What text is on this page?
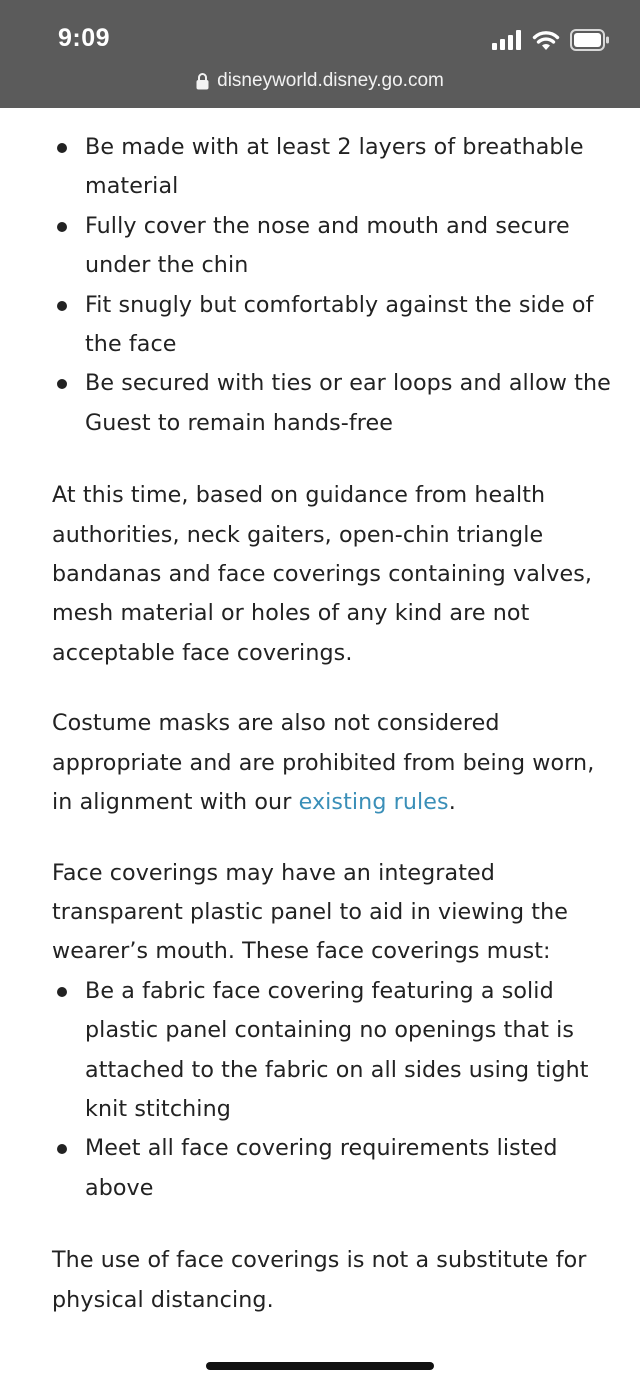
9:09
disneyworld.disney.go.com
Be made with at least 2 layers of breathable material
Fully cover the nose and mouth and secure under the chin
Fit snugly but comfortably against the side of the face
Be secured with ties or ear loops and allow the Guest to remain hands-free

At this time, based on guidance from health authorities, neck gaiters, open-chin triangle bandanas and face coverings containing valves, mesh material or holes of any kind are not acceptable face coverings.

Costume masks are also not considered appropriate and are prohibited from being worn, in alignment with our existing rules.

Face coverings may have an integrated transparent plastic panel to aid in viewing the wearer’s mouth. These face coverings must:

Be a fabric face covering featuring a solid plastic panel containing no openings that is attached to the fabric on all sides using tight knit stitching
Meet all face covering requirements listed above

The use of face coverings is not a substitute for physical distancing.
